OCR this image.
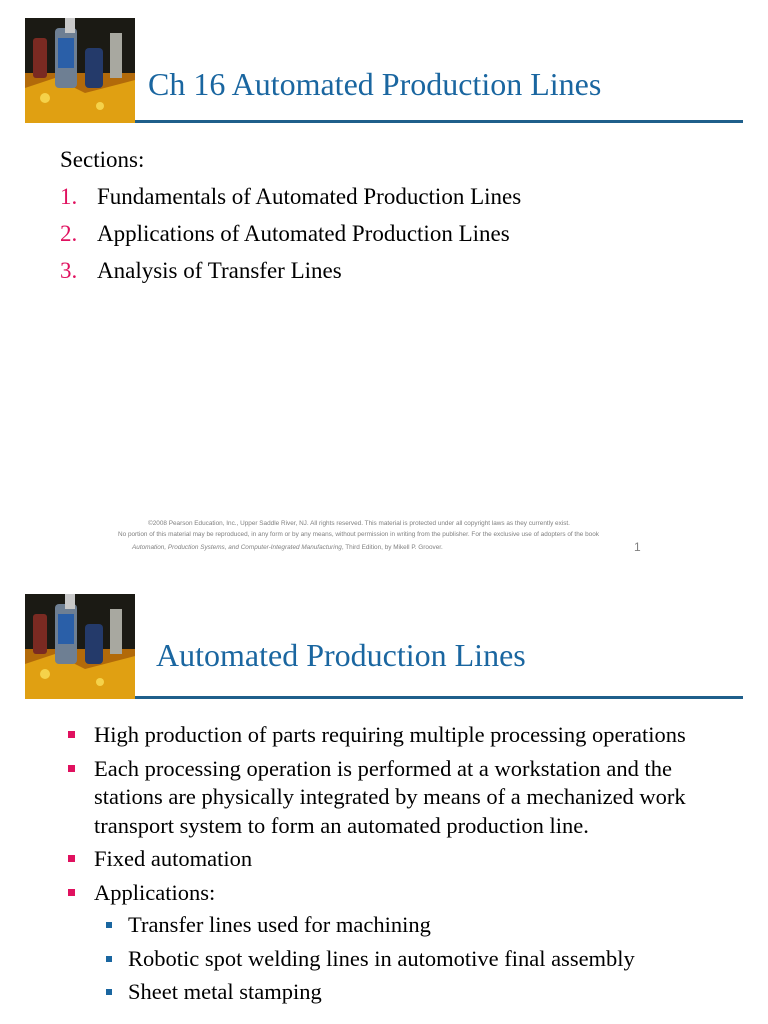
Ch 16 Automated Production Lines
Sections:
1. Fundamentals of Automated Production Lines
2. Applications of Automated Production Lines
3. Analysis of Transfer Lines
©2008 Pearson Education, Inc., Upper Saddle River, NJ. All rights reserved. This material is protected under all copyright laws as they currently exist.
No portion of this material may be reproduced, in any form or by any means, without permission in writing from the publisher. For the exclusive use of adopters of the book
Automation, Production Systems, and Computer-Integrated Manufacturing, Third Edition, by Mikell P. Groover.	1
Automated Production Lines
High production of parts requiring multiple processing operations
Each processing operation is performed at a workstation and the stations are physically integrated by means of a mechanized work transport system to form an automated production line.
Fixed automation
Applications:
Transfer lines used for machining
Robotic spot welding lines in automotive final assembly
Sheet metal stamping
